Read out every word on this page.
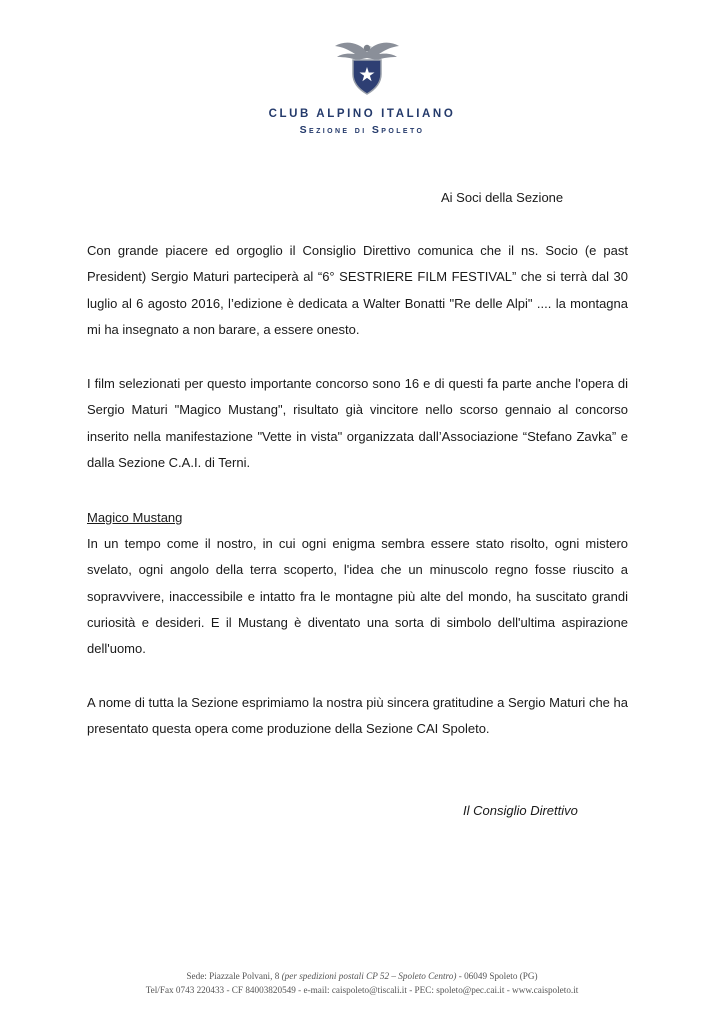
CLUB ALPINO ITALIANO
Sezione di Spoleto
Ai Soci della Sezione

Con grande piacere ed orgoglio il Consiglio Direttivo comunica che il ns. Socio (e past President) Sergio Maturi parteciperà al “6° SESTRIERE FILM FESTIVAL” che si terrà dal 30 luglio al 6 agosto 2016, l’edizione è dedicata a Walter Bonatti "Re delle Alpi" .... la montagna mi ha insegnato a non barare, a essere onesto.

I film selezionati per questo importante concorso sono 16 e di questi fa parte anche l'opera di Sergio Maturi "Magico Mustang", risultato già vincitore nello scorso gennaio al concorso inserito nella manifestazione "Vette in vista" organizzata dall’Associazione “Stefano Zavka” e dalla Sezione C.A.I. di Terni.

Magico Mustang

In un tempo come il nostro, in cui ogni enigma sembra essere stato risolto, ogni mistero svelato, ogni angolo della terra scoperto, l'idea che un minuscolo regno fosse riuscito a sopravvivere, inaccessibile e intatto fra le montagne più alte del mondo, ha suscitato grandi curiosità e desideri. E il Mustang è diventato una sorta di simbolo dell'ultima aspirazione dell'uomo.

A nome di tutta la Sezione esprimiamo la nostra più sincera gratitudine a Sergio Maturi che ha presentato questa opera come produzione della Sezione CAI Spoleto.

Il Consiglio Direttivo
Sede: Piazzale Polvani, 8 (per spedizioni postali CP 52 – Spoleto Centro) - 06049 Spoleto (PG)
Tel/Fax 0743 220433 - CF 84003820549 - e-mail: caispoleto@tiscali.it - PEC: spoleto@pec.cai.it - www.caispoleto.it
